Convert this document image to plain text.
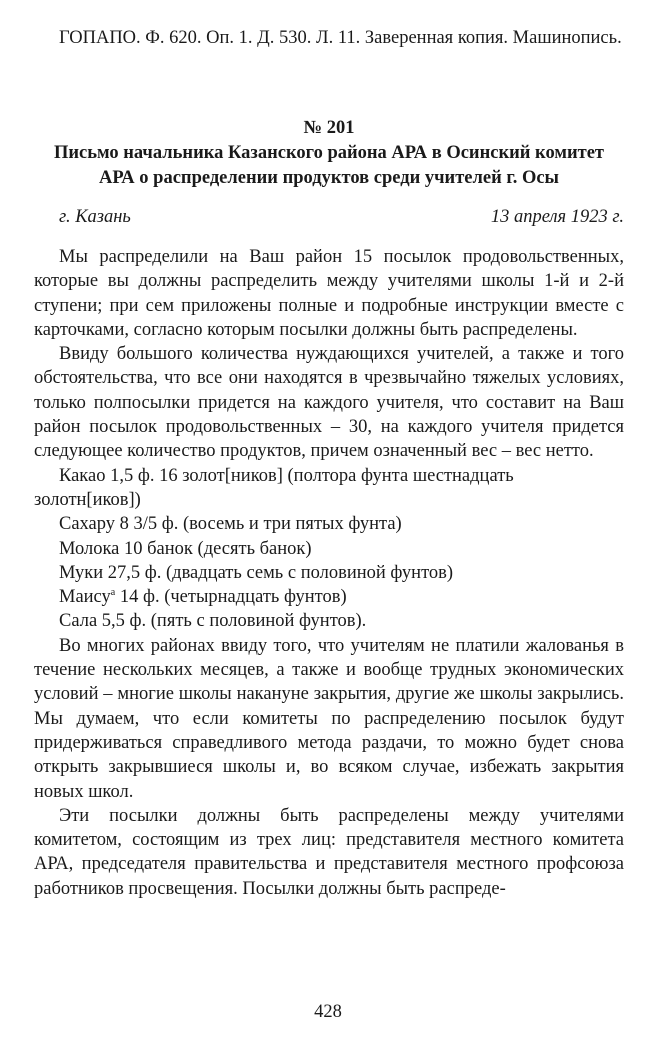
ГОПАПО. Ф. 620. Оп. 1. Д. 530. Л. 11. Заверенная копия. Машинопись.

№ 201

Письмо начальника Казанского района АРА в Осинский комитет АРА о распределении продуктов среди учителей г. Осы

г. Казань	13 апреля 1923 г.

Мы распределили на Ваш район 15 посылок продовольственных, которые вы должны распределить между учителями школы 1-й и 2-й ступени; при сем приложены полные и подробные инструкции вместе с карточками, согласно которым посылки должны быть распределены.

Ввиду большого количества нуждающихся учителей, а также и того обстоятельства, что все они находятся в чрезвычайно тяжелых условиях, только полпосылки придется на каждого учителя, что составит на Ваш район посылок продовольственных – 30, на каждого учителя придется следующее количество продуктов, причем означенный вес – вес нетто.

Какао 1,5 ф. 16 золот[ников] (полтора фунта шестнадцать золотн[иков])

Сахару 8 3/5 ф. (восемь и три пятых фунта)

Молока 10 банок (десять банок)

Муки 27,5 ф. (двадцать семь с половиной фунтов)

Маису$^а$ 14 ф. (четырнадцать фунтов)

Сала 5,5 ф. (пять с половиной фунтов).

Во многих районах ввиду того, что учителям не платили жалованья в течение нескольких месяцев, а также и вообще трудных экономических условий – многие школы накануне закрытия, другие же школы закрылись. Мы думаем, что если комитеты по распределению посылок будут придерживаться справедливого метода раздачи, то можно будет снова открыть закрывшиеся школы и, во всяком случае, избежать закрытия новых школ.

Эти посылки должны быть распределены между учителями комитетом, состоящим из трех лиц: представителя местного комитета АРА, председателя правительства и представителя местного профсоюза работников просвещения. Посылки должны быть распреде-

428
